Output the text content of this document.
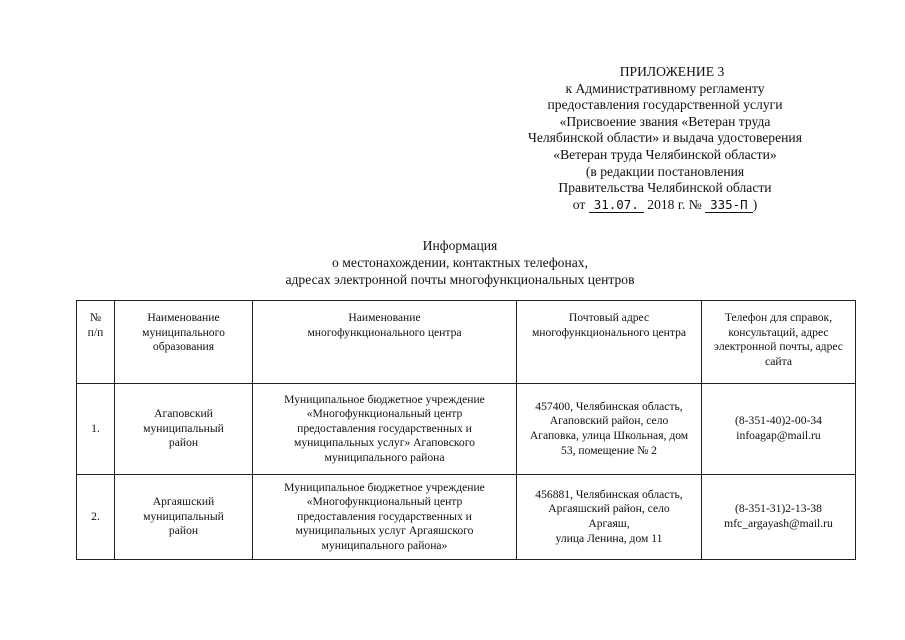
ПРИЛОЖЕНИЕ 3
к Административному регламенту
предоставления государственной услуги
«Присвоение звания «Ветеран труда
Челябинской области» и выдача удостоверения
«Ветеран труда Челябинской области»
(в редакции постановления
Правительства Челябинской области
от 31.07. 2018 г. № 335-П )
Информация
о местонахождении, контактных телефонах,
адресах электронной почты многофункциональных центров
№
п/п	Наименование
муниципального
образования	Наименование
многофункционального центра	Почтовый адрес
многофункционального центра	Телефон для справок,
консультаций, адрес
электронной почты, адрес
сайта
1.	Агаповский
муниципальный
район	Муниципальное бюджетное учреждение
«Многофункциональный центр
предоставления государственных и
муниципальных услуг» Агаповского
муниципального района	457400, Челябинская область,
Агаповский район, село
Агаповка, улица Школьная, дом
53, помещение № 2	(8-351-40)2-00-34
infoagap@mail.ru
2.	Аргаяшский
муниципальный
район	Муниципальное бюджетное учреждение
«Многофункциональный центр
предоставления государственных и
муниципальных услуг Аргаяшского
муниципального района»	456881, Челябинская область,
Аргаяшский район, село
Аргаяш,
улица Ленина, дом 11	(8-351-31)2-13-38
mfc_argayash@mail.ru
